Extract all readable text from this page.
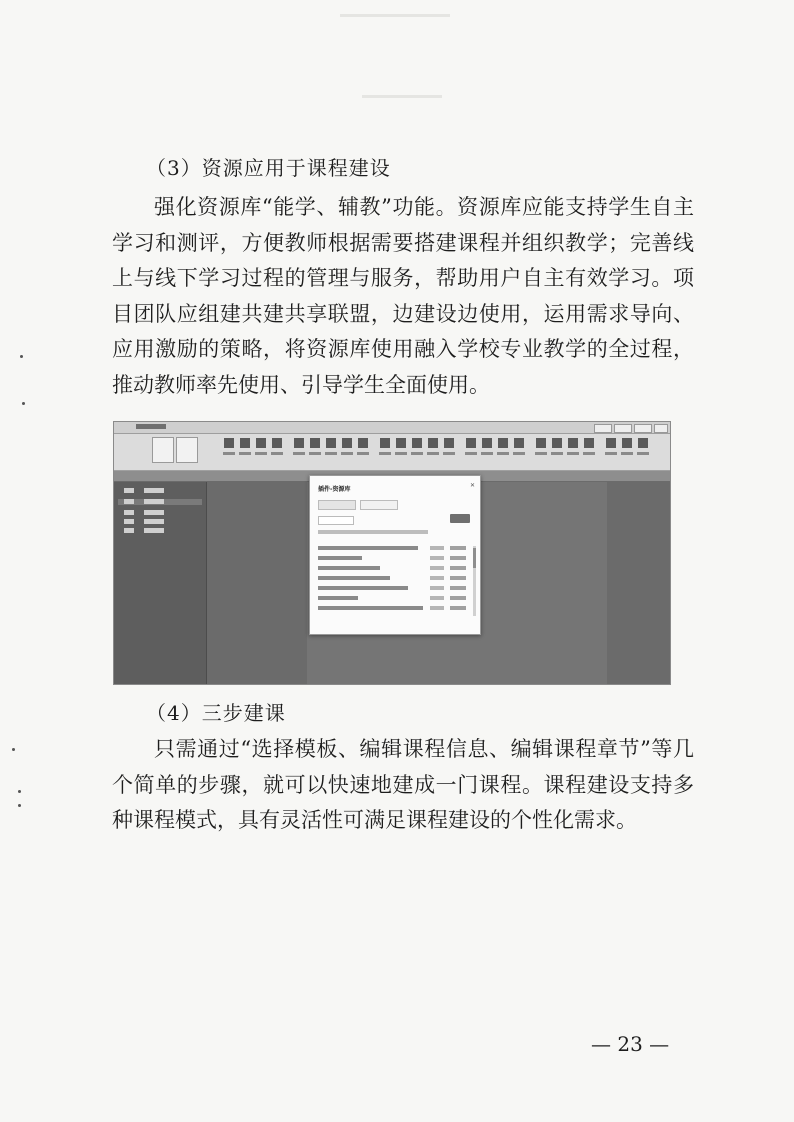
（3）资源应用于课程建设

强化资源库“能学、辅教”功能。资源库应能支持学生自主学习和测评，方便教师根据需要搭建课程并组织教学；完善线上与线下学习过程的管理与服务，帮助用户自主有效学习。项目团队应组建共建共享联盟，边建设边使用，运用需求导向、应用激励的策略，将资源库使用融入学校专业教学的全过程，推动教师率先使用、引导学生全面使用。

插件-资源库
✕
（4）三步建课

只需通过“选择模板、编辑课程信息、编辑课程章节”等几个简单的步骤，就可以快速地建成一门课程。课程建设支持多种课程模式，具有灵活性可满足课程建设的个性化需求。

— 23 —
